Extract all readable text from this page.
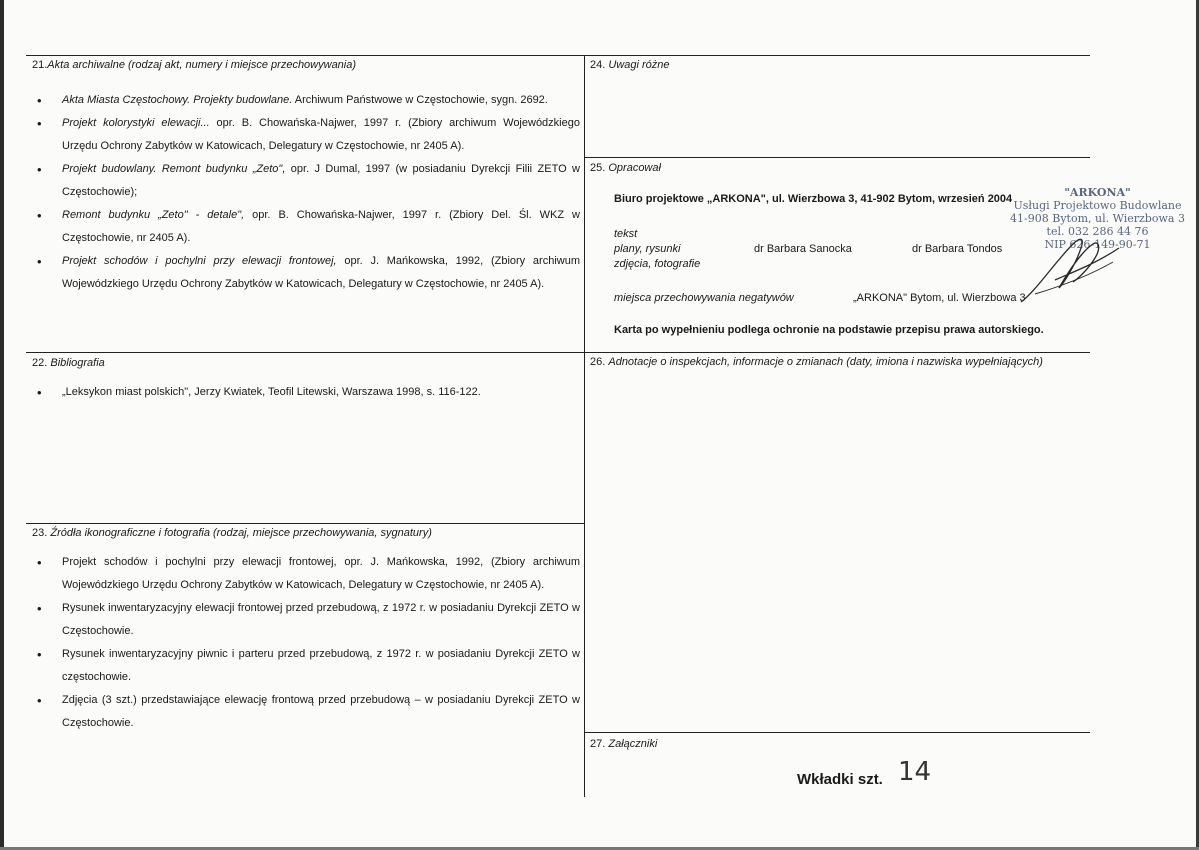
21.Akta archiwalne (rodzaj akt, numery i miejsce przechowywania)
• Akta Miasta Częstochowy. Projekty budowlane. Archiwum Państwowe w Częstochowie, sygn. 2692.
• Projekt kolorystyki elewacji... opr. B. Chowańska-Najwer, 1997 r. (Zbiory archiwum Wojewódzkiego Urzędu Ochrony Zabytków w Katowicach, Delegatury w Częstochowie, nr 2405 A).
• Projekt budowlany. Remont budynku „Zeto", opr. J Dumal, 1997 (w posiadaniu Dyrekcji Filii ZETO w Częstochowie);
• Remont budynku „Zeto" - detale", opr. B. Chowańska-Najwer, 1997 r. (Zbiory Del. Śl. WKZ w Częstochowie, nr 2405 A).
• Projekt schodów i pochylni przy elewacji frontowej, opr. J. Mańkowska, 1992, (Zbiory archiwum Wojewódzkiego Urzędu Ochrony Zabytków w Katowicach, Delegatury w Częstochowie, nr 2405 A).
22. Bibliografia
• „Leksykon miast polskich", Jerzy Kwiatek, Teofil Litewski, Warszawa 1998, s. 116-122.
23. Źródła ikonograficzne i fotografia (rodzaj, miejsce przechowywania, sygnatury)
• Projekt schodów i pochylni przy elewacji frontowej, opr. J. Mańkowska, 1992, (Zbiory archiwum Wojewódzkiego Urzędu Ochrony Zabytków w Katowicach, Delegatury w Częstochowie, nr 2405 A).
• Rysunek inwentaryzacyjny elewacji frontowej przed przebudową, z 1972 r. w posiadaniu Dyrekcji ZETO w Częstochowie.
• Rysunek inwentaryzacyjny piwnic i parteru przed przebudową, z 1972 r. w posiadaniu Dyrekcji ZETO w częstochowie.
• Zdjęcia (3 szt.) przedstawiające elewację frontową przed przebudową – w posiadaniu Dyrekcji ZETO w Częstochowie.
24. Uwagi różne
25. Opracował
Biuro projektowe „ARKONA", ul. Wierzbowa 3, 41-902 Bytom, wrzesień 2004
tekst
plany, rysunki
zdjęcia, fotografie
dr Barbara Sanocka	dr Barbara Tondos
miejsca przechowywania negatywów	„ARKONA" Bytom, ul. Wierzbowa 3
Karta po wypełnieniu podlega ochronie na podstawie przepisu prawa autorskiego.
"ARKONA"
Usługi Projektowo Budowlane
41-908 Bytom, ul. Wierzbowa 3
tel. 032 286 44 76
NIP 626-149-90-71
26. Adnotacje o inspekcjach, informacje o zmianach (daty, imiona i nazwiska wypełniających)
27. Załączniki
Wkładki szt. 14
